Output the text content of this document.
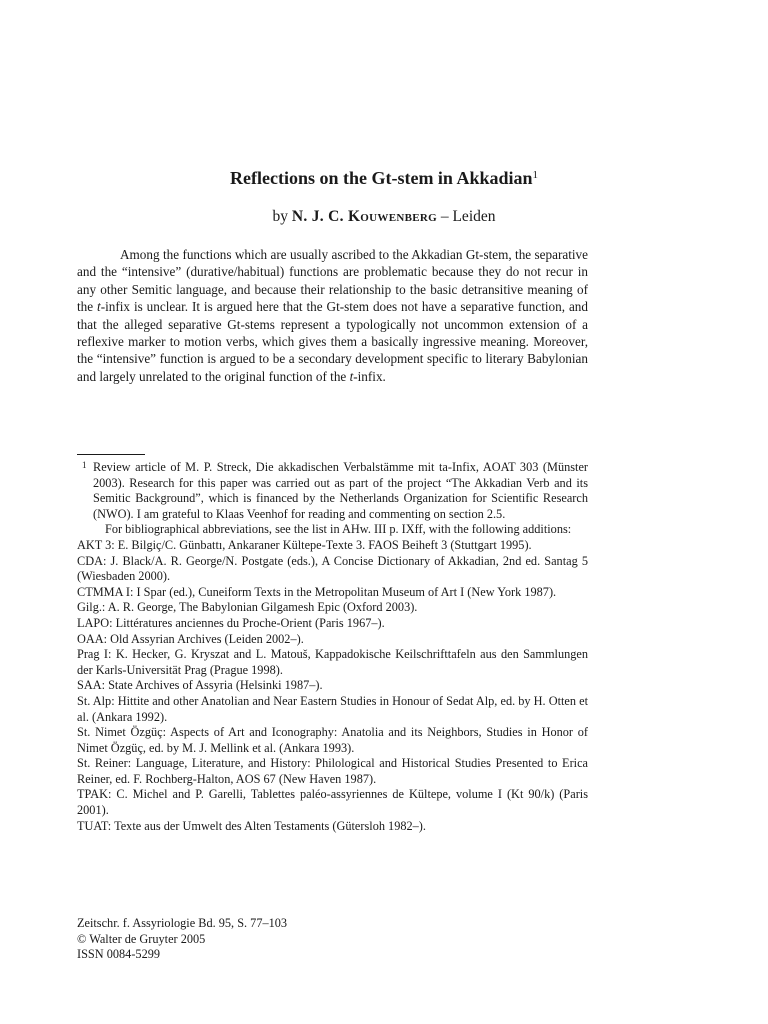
Reflections on the Gt-stem in Akkadian$^1$
by N. J. C. Kouwenberg – Leiden

Among the functions which are usually ascribed to the Akkadian Gt-stem, the separative and the “intensive” (durative/habitual) functions are problematic because they do not recur in any other Semitic language, and because their relationship to the basic detransitive meaning of the t-infix is unclear. It is argued here that the Gt-stem does not have a separative function, and that the alleged separative Gt-stems represent a typologically not uncommon extension of a reflexive marker to motion verbs, which gives them a basically ingressive meaning. Moreover, the “intensive” function is argued to be a secondary development specific to literary Babylonian and largely unrelated to the original function of the t-infix.

1 Review article of M. P. Streck, Die akkadischen Verbalstämme mit ta-Infix, AOAT 303 (Münster 2003). Research for this paper was carried out as part of the project “The Akkadian Verb and its Semitic Background”, which is financed by the Netherlands Organization for Scientific Research (NWO). I am grateful to Klaas Veenhof for reading and commenting on section 2.5.

For bibliographical abbreviations, see the list in AHw. III p. IXff, with the following additions:

AKT 3: E. Bilgiç/C. Günbattı, Ankaraner Kültepe-Texte 3. FAOS Beiheft 3 (Stuttgart 1995).
CDA: J. Black/A. R. George/N. Postgate (eds.), A Concise Dictionary of Akkadian, 2nd ed. Santag 5 (Wiesbaden 2000).
CTMMA I: I Spar (ed.), Cuneiform Texts in the Metropolitan Museum of Art I (New York 1987).
Gilg.: A. R. George, The Babylonian Gilgamesh Epic (Oxford 2003).
LAPO: Littératures anciennes du Proche-Orient (Paris 1967–).
OAA: Old Assyrian Archives (Leiden 2002–).
Prag I: K. Hecker, G. Kryszat and L. Matouš, Kappadokische Keilschrifttafeln aus den Sammlungen der Karls-Universität Prag (Prague 1998).
SAA: State Archives of Assyria (Helsinki 1987–).
St. Alp: Hittite and other Anatolian and Near Eastern Studies in Honour of Sedat Alp, ed. by H. Otten et al. (Ankara 1992).
St. Nimet Özgüç: Aspects of Art and Iconography: Anatolia and its Neighbors, Studies in Honor of Nimet Özgüç, ed. by M. J. Mellink et al. (Ankara 1993).
St. Reiner: Language, Literature, and History: Philological and Historical Studies Presented to Erica Reiner, ed. F. Rochberg-Halton, AOS 67 (New Haven 1987).
TPAK: C. Michel and P. Garelli, Tablettes paléo-assyriennes de Kültepe, volume I (Kt 90/k) (Paris 2001).
TUAT: Texte aus der Umwelt des Alten Testaments (Gütersloh 1982–).
Zeitschr. f. Assyriologie Bd. 95, S. 77–103
© Walter de Gruyter 2005
ISSN 0084-5299
